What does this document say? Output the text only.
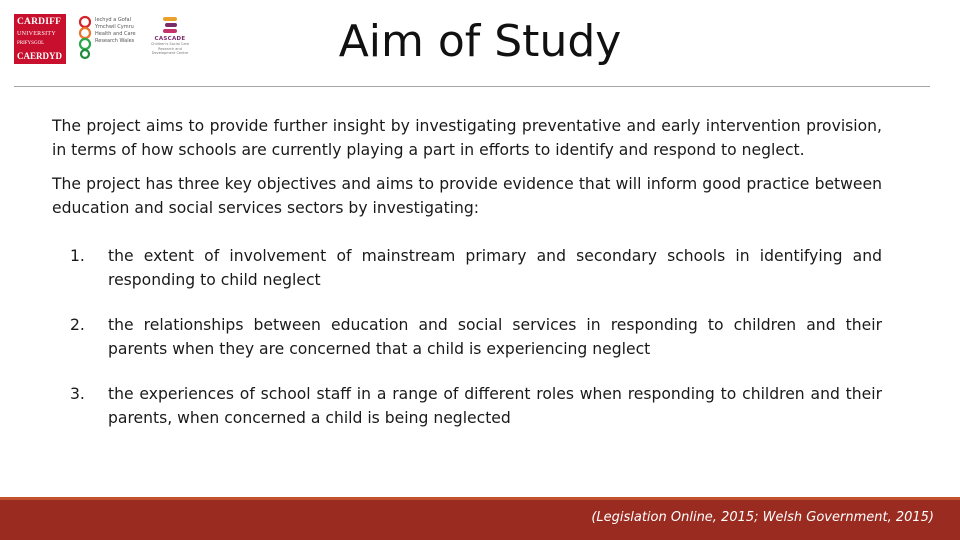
CARDIFF
UNIVERSITY
PRIFYSGOL
CAERDYD
Iechyd a Gofal
Ymchwil Cymru
Health and Care
Research Wales	CASCADE
Children's Social Care Research and Development Centre	Aim of Study

The project aims to provide further insight by investigating preventative and early intervention provision, in terms of how schools are currently playing a part in efforts to identify and respond to neglect.

The project has three key objectives and aims to provide evidence that will inform good practice between education and social services sectors by investigating:

1.	the extent of involvement of mainstream primary and secondary schools in identifying and responding to child neglect
2.	the relationships between education and social services in responding to children and their parents when they are concerned that a child is experiencing neglect
3.	the experiences of school staff in a range of different roles when responding to children and their parents, when concerned a child is being neglected
(Legislation Online, 2015; Welsh Government, 2015)
